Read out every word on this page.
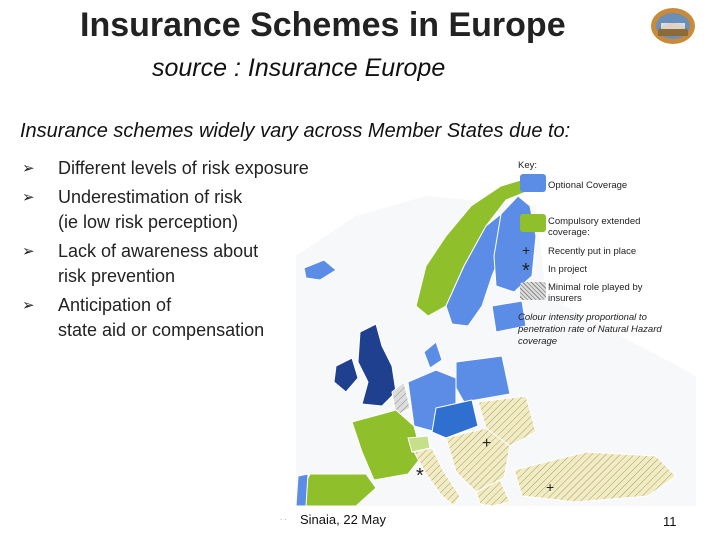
Insurance Schemes in Europe
source : Insurance Europe
Insurance schemes widely vary across Member States due to:
➢ Different levels of risk exposure
➢ Underestimation of risk
(ie low risk perception)
➢ Lack of awareness about
risk prevention
➢ Anticipation of
state aid or compensation
+
*	+
Key:
Optional Coverage
Compulsory extended
coverage:
+ Recently put in place
* In project
Minimal role played by
insurers
Colour intensity proportional to
penetration rate of Natural Hazard
coverage
. . Sinaia, 22 May	11
